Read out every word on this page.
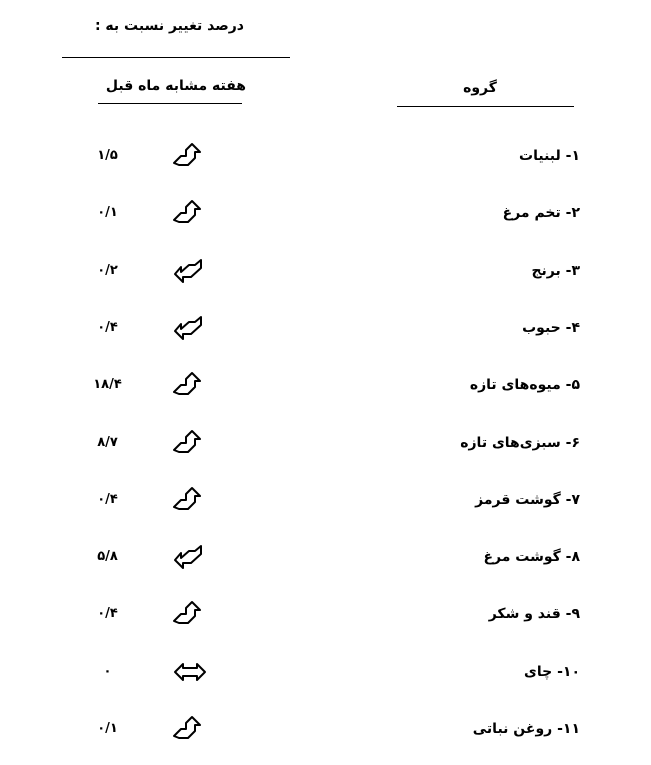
درصد تغییر نسبت به :
هفته مشابه ماه قبل	گروه
۱/۵	۱- لبنیات
۰/۱	۲- تخم مرغ
۰/۲	۳- برنج
۰/۴	۴- حبوب
۱۸/۴	۵- میوه‌های تازه
۸/۷	۶- سبزی‌های تازه
۰/۴	۷- گوشت قرمز
۵/۸	۸- گوشت مرغ
۰/۴	۹- قند و شکر
۰	۱۰- چای
۰/۱	۱۱- روغن نباتی
